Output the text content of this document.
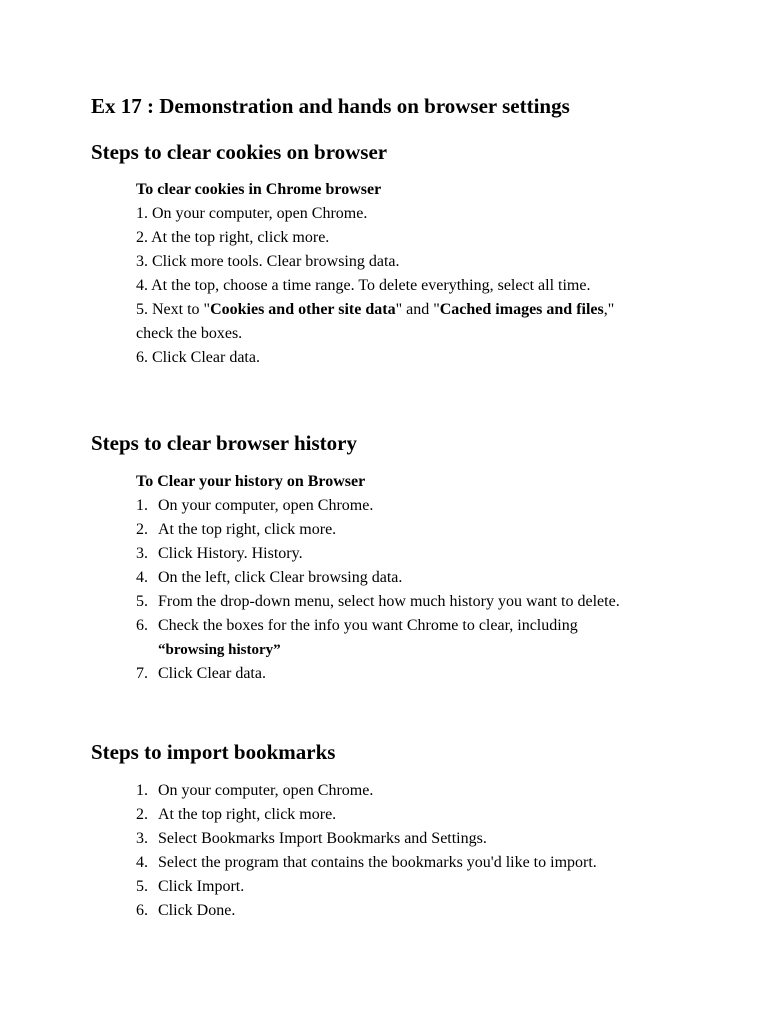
Ex 17 : Demonstration and hands on browser settings
Steps to clear cookies on browser
To clear cookies in Chrome browser
1. On your computer, open Chrome.
2. At the top right, click more.
3. Click more tools. Clear browsing data.
4. At the top, choose a time range. To delete everything, select all time.
5. Next to "Cookies and other site data" and "Cached images and files,"
check the boxes.
6. Click Clear data.
Steps to clear browser history
To Clear your history on Browser
1. On your computer, open Chrome.
2. At the top right, click more.
3. Click History. History.
4. On the left, click Clear browsing data.
5. From the drop-down menu, select how much history you want to delete.
6. Check the boxes for the info you want Chrome to clear, including
“browsing history”
7. Click Clear data.
Steps to import bookmarks
1. On your computer, open Chrome.
2. At the top right, click more.
3. Select Bookmarks Import Bookmarks and Settings.
4. Select the program that contains the bookmarks you'd like to import.
5. Click Import.
6. Click Done.
